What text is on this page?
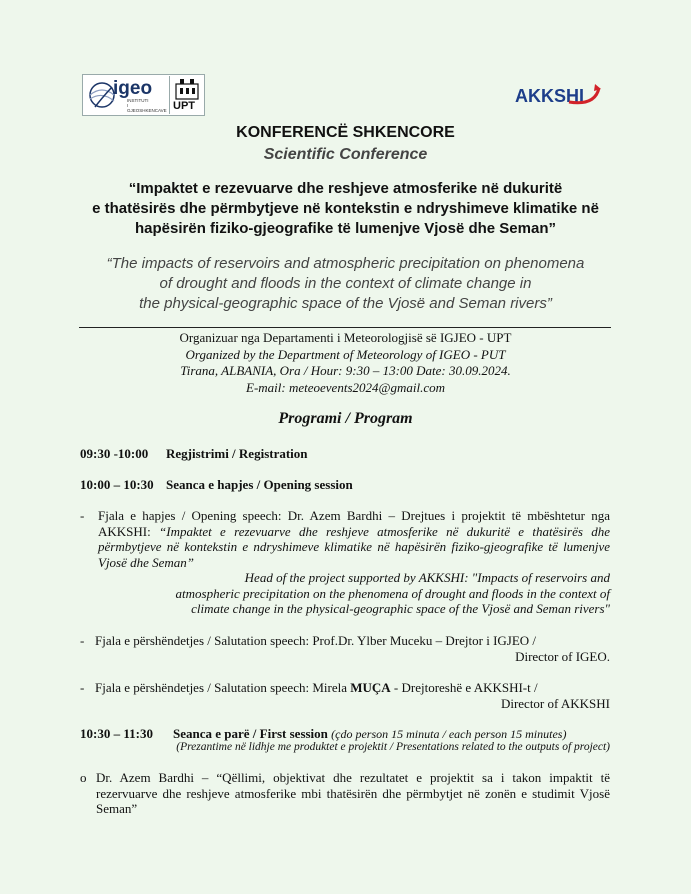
igeo
INSTITUTI
I GJEOSHKENCAVE UPT	AKKSHI
KONFERENCË SHKENCORE
Scientific Conference
“Impaktet e rezevuarve dhe reshjeve atmosferike në dukuritë
e thatësirës dhe përmbytjeve në kontekstin e ndryshimeve klimatike në
hapësirën fiziko-gjeografike të lumenjve Vjosë dhe Seman”
“The impacts of reservoirs and atmospheric precipitation on phenomena
of drought and floods in the context of climate change in
the physical-geographic space of the Vjosë and Seman rivers”
Organizuar nga Departamenti i Meteorologjisë së IGJEO - UPT
Organized by the Department of Meteorology of IGEO - PUT
Tirana, ALBANIA, Ora / Hour: 9:30 – 13:00 Date: 30.09.2024.
E-mail: meteoevents2024@gmail.com
Programi / Program
09:30 -10:00 Regjistrimi / Registration
10:00 – 10:30 Seanca e hapjes / Opening session
- Fjala e hapjes / Opening speech: Dr. Azem Bardhi – Drejtues i projektit të mbështetur nga
AKKSHI: “Impaktet e rezevuarve dhe reshjeve atmosferike në dukuritë e thatësirës dhe
përmbytjeve në kontekstin e ndryshimeve klimatike në hapësirën fiziko-gjeografike të lumenjve
Vjosë dhe Seman”
Head of the project supported by AKKSHI: "Impacts of reservoirs and
atmospheric precipitation on the phenomena of drought and floods in the context of
climate change in the physical-geographic space of the Vjosë and Seman rivers"
- Fjala e përshëndetjes / Salutation speech: Prof.Dr. Ylber Muceku – Drejtor i IGJEO /
Director of IGEO.
- Fjala e përshëndetjes / Salutation speech: Mirela MUÇA - Drejtoreshë e AKKSHI-t /
Director of AKKSHI
10:30 – 11:30 Seanca e parë / First session (çdo person 15 minuta / each person 15 minutes)
(Prezantime në lidhje me produktet e projektit / Presentations related to the outputs of project)
o Dr. Azem Bardhi – “Qëllimi, objektivat dhe rezultatet e projektit sa i takon impaktit të
rezervuarve dhe reshjeve atmosferike mbi thatësirën dhe përmbytjet në zonën e studimit Vjosë
Seman”
